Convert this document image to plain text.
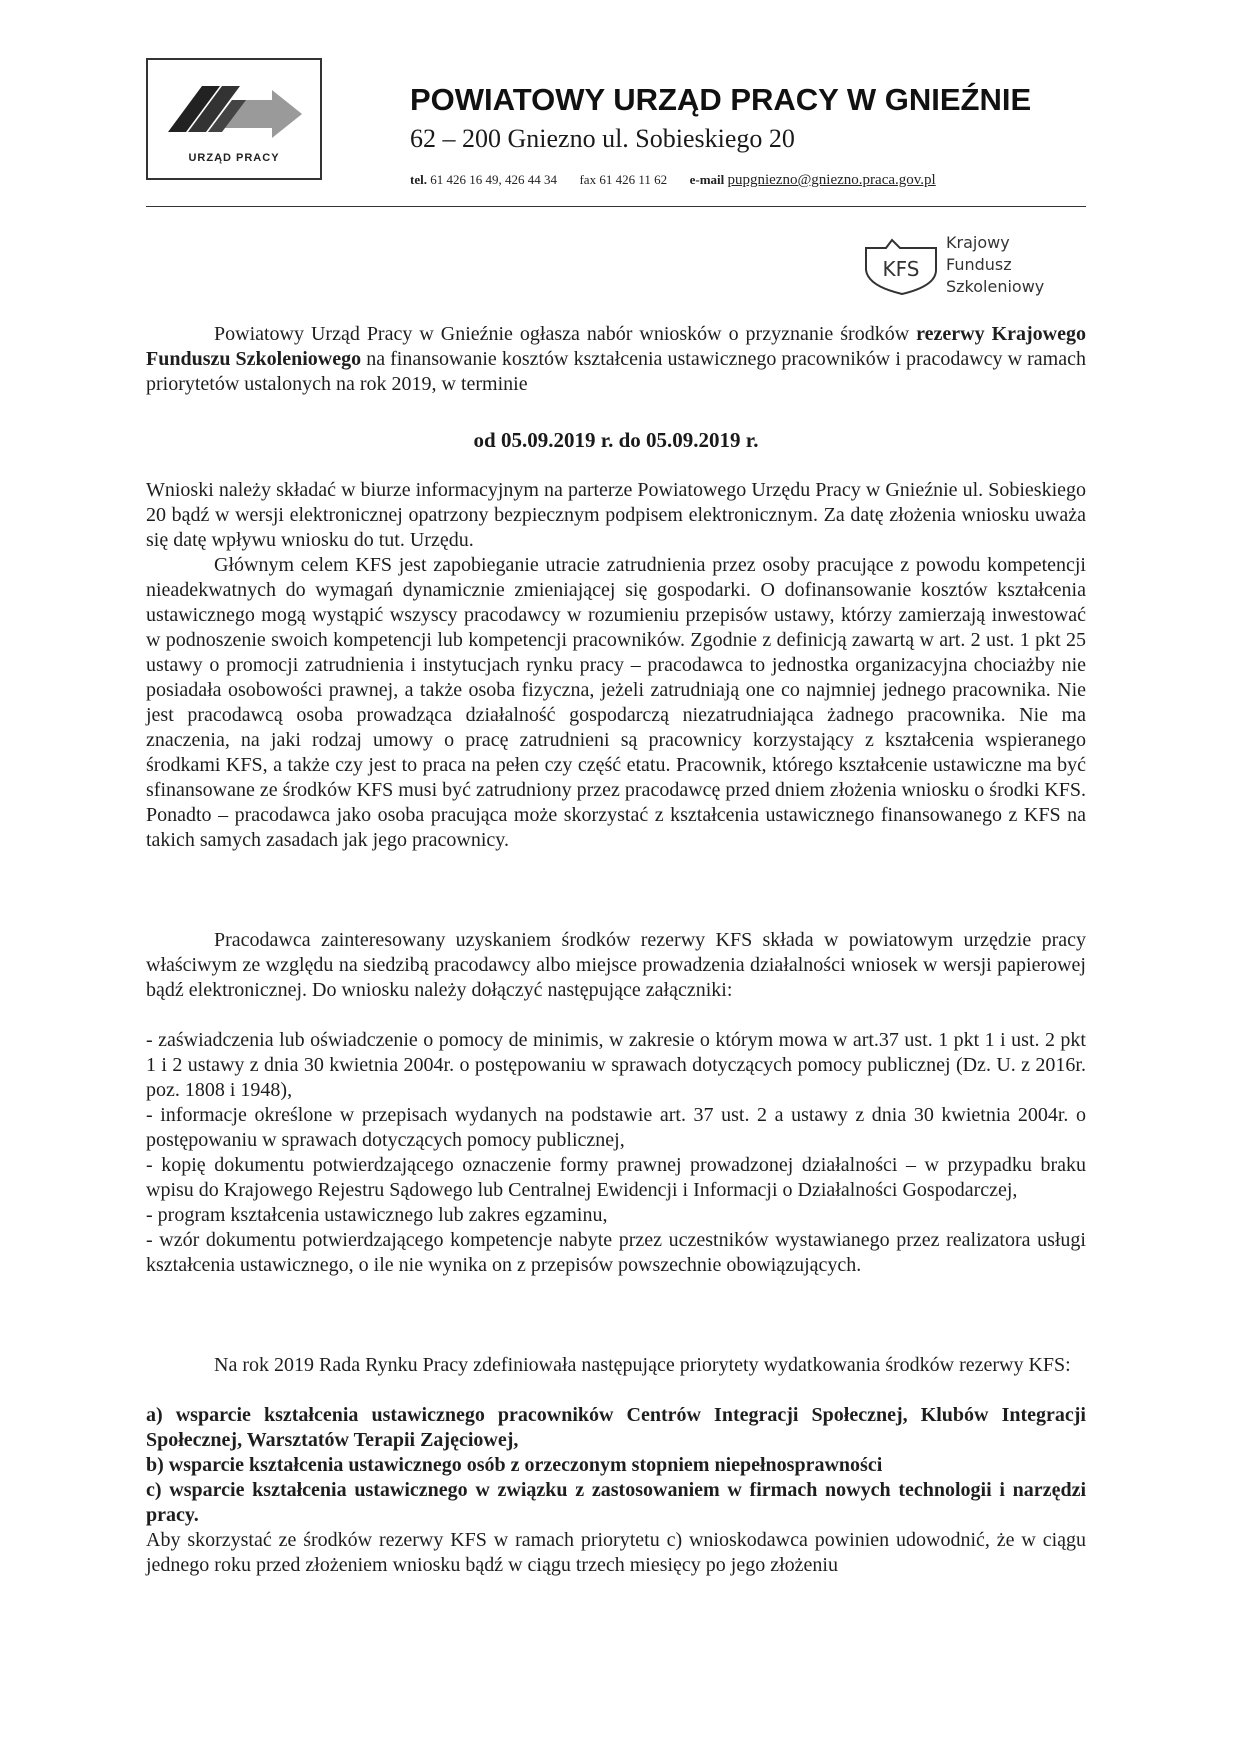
URZĄD PRACY
POWIATOWY URZĄD PRACY W GNIEŹNIE
62 – 200 Gniezno ul. Sobieskiego 20
tel. 61 426 16 49, 426 44 34 fax 61 426 11 62 e-mail pupgniezno@gniezno.praca.gov.pl
KFS
Krajowy
Fundusz
Szkoleniowy
Powiatowy Urząd Pracy w Gnieźnie ogłasza nabór wniosków o przyznanie środków rezerwy Krajowego Funduszu Szkoleniowego na finansowanie kosztów kształcenia ustawicznego pracowników i pracodawcy w ramach priorytetów ustalonych na rok 2019, w terminie
od 05.09.2019 r. do 05.09.2019 r.
Wnioski należy składać w biurze informacyjnym na parterze Powiatowego Urzędu Pracy w Gnieźnie ul. Sobieskiego 20 bądź w wersji elektronicznej opatrzony bezpiecznym podpisem elektronicznym. Za datę złożenia wniosku uważa się datę wpływu wniosku do tut. Urzędu.
Głównym celem KFS jest zapobieganie utracie zatrudnienia przez osoby pracujące z powodu kompetencji nieadekwatnych do wymagań dynamicznie zmieniającej się gospodarki. O dofinansowanie kosztów kształcenia ustawicznego mogą wystąpić wszyscy pracodawcy w rozumieniu przepisów ustawy, którzy zamierzają inwestować w podnoszenie swoich kompetencji lub kompetencji pracowników. Zgodnie z definicją zawartą w art. 2 ust. 1 pkt 25 ustawy o promocji zatrudnienia i instytucjach rynku pracy – pracodawca to jednostka organizacyjna chociażby nie posiadała osobowości prawnej, a także osoba fizyczna, jeżeli zatrudniają one co najmniej jednego pracownika. Nie jest pracodawcą osoba prowadząca działalność gospodarczą niezatrudniająca żadnego pracownika. Nie ma znaczenia, na jaki rodzaj umowy o pracę zatrudnieni są pracownicy korzystający z kształcenia wspieranego środkami KFS, a także czy jest to praca na pełen czy część etatu. Pracownik, którego kształcenie ustawiczne ma być sfinansowane ze środków KFS musi być zatrudniony przez pracodawcę przed dniem złożenia wniosku o środki KFS. Ponadto – pracodawca jako osoba pracująca może skorzystać z kształcenia ustawicznego finansowanego z KFS na takich samych zasadach jak jego pracownicy.
Pracodawca zainteresowany uzyskaniem środków rezerwy KFS składa w powiatowym urzędzie pracy właściwym ze względu na siedzibą pracodawcy albo miejsce prowadzenia działalności wniosek w wersji papierowej bądź elektronicznej. Do wniosku należy dołączyć następujące załączniki:

- zaświadczenia lub oświadczenie o pomocy de minimis, w zakresie o którym mowa w art.37 ust. 1 pkt 1 i ust. 2 pkt 1 i 2 ustawy z dnia 30 kwietnia 2004r. o postępowaniu w sprawach dotyczących pomocy publicznej (Dz. U. z 2016r. poz. 1808 i 1948),

- informacje określone w przepisach wydanych na podstawie art. 37 ust. 2 a ustawy z dnia 30 kwietnia 2004r. o postępowaniu w sprawach dotyczących pomocy publicznej,

- kopię dokumentu potwierdzającego oznaczenie formy prawnej prowadzonej działalności – w przypadku braku wpisu do Krajowego Rejestru Sądowego lub Centralnej Ewidencji i Informacji o Działalności Gospodarczej,

- program kształcenia ustawicznego lub zakres egzaminu,

- wzór dokumentu potwierdzającego kompetencje nabyte przez uczestników wystawianego przez realizatora usługi kształcenia ustawicznego, o ile nie wynika on z przepisów powszechnie obowiązujących.

Na rok 2019 Rada Rynku Pracy zdefiniowała następujące priorytety wydatkowania środków rezerwy KFS:

a) wsparcie kształcenia ustawicznego pracowników Centrów Integracji Społecznej, Klubów Integracji Społecznej, Warsztatów Terapii Zajęciowej,

b) wsparcie kształcenia ustawicznego osób z orzeczonym stopniem niepełnosprawności

c) wsparcie kształcenia ustawicznego w związku z zastosowaniem w firmach nowych technologii i narzędzi pracy.

Aby skorzystać ze środków rezerwy KFS w ramach priorytetu c) wnioskodawca powinien udowodnić, że w ciągu jednego roku przed złożeniem wniosku bądź w ciągu trzech miesięcy po jego złożeniu
